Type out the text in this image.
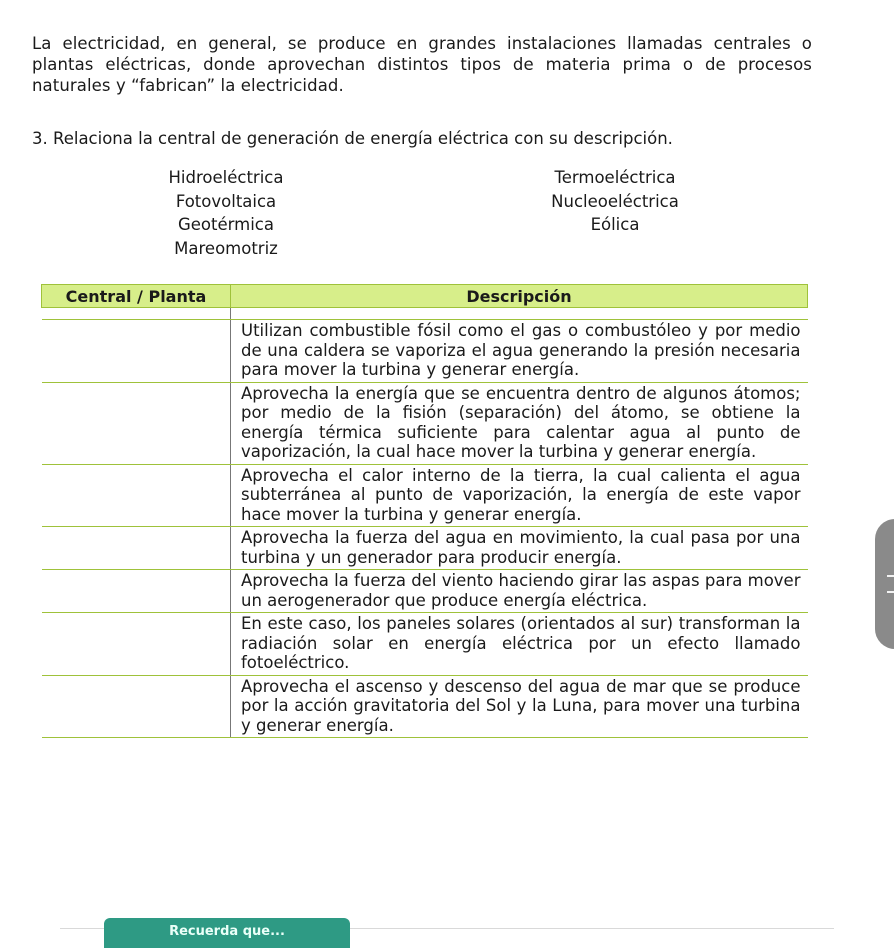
La electricidad, en general, se produce en grandes instalaciones llamadas centrales o plantas eléctricas, donde aprovechan distintos tipos de materia prima o de procesos naturales y “fabrican” la electricidad.

3. Relaciona la central de generación de energía eléctrica con su descripción.

Hidroeléctrica
Fotovoltaica
Geotérmica
Mareomotriz
Termoeléctrica
Nucleoeléctrica
Eólica
Central / Planta	Descripción

	Utilizan combustible fósil como el gas o combustóleo y por medio de una caldera se vaporiza el agua generando la presión necesaria para mover la turbina y generar energía.
	Aprovecha la energía que se encuentra dentro de algunos átomos; por medio de la fisión (separación) del átomo, se obtiene la energía térmica suficiente para calentar agua al punto de vaporización, la cual hace mover la turbina y generar energía.
	Aprovecha el calor interno de la tierra, la cual calienta el agua subterránea al punto de vaporización, la energía de este vapor hace mover la turbina y generar energía.
	Aprovecha la fuerza del agua en movimiento, la cual pasa por una turbina y un generador para producir energía.
	Aprovecha la fuerza del viento haciendo girar las aspas para mover un aerogenerador que produce energía eléctrica.
	En este caso, los paneles solares (orientados al sur) transforman la radiación solar en energía eléctrica por un efecto llamado fotoeléctrico.
	Aprovecha el ascenso y descenso del agua de mar que se produce por la acción gravitatoria del Sol y la Luna, para mover una turbina y generar energía.
Recuerda que...
